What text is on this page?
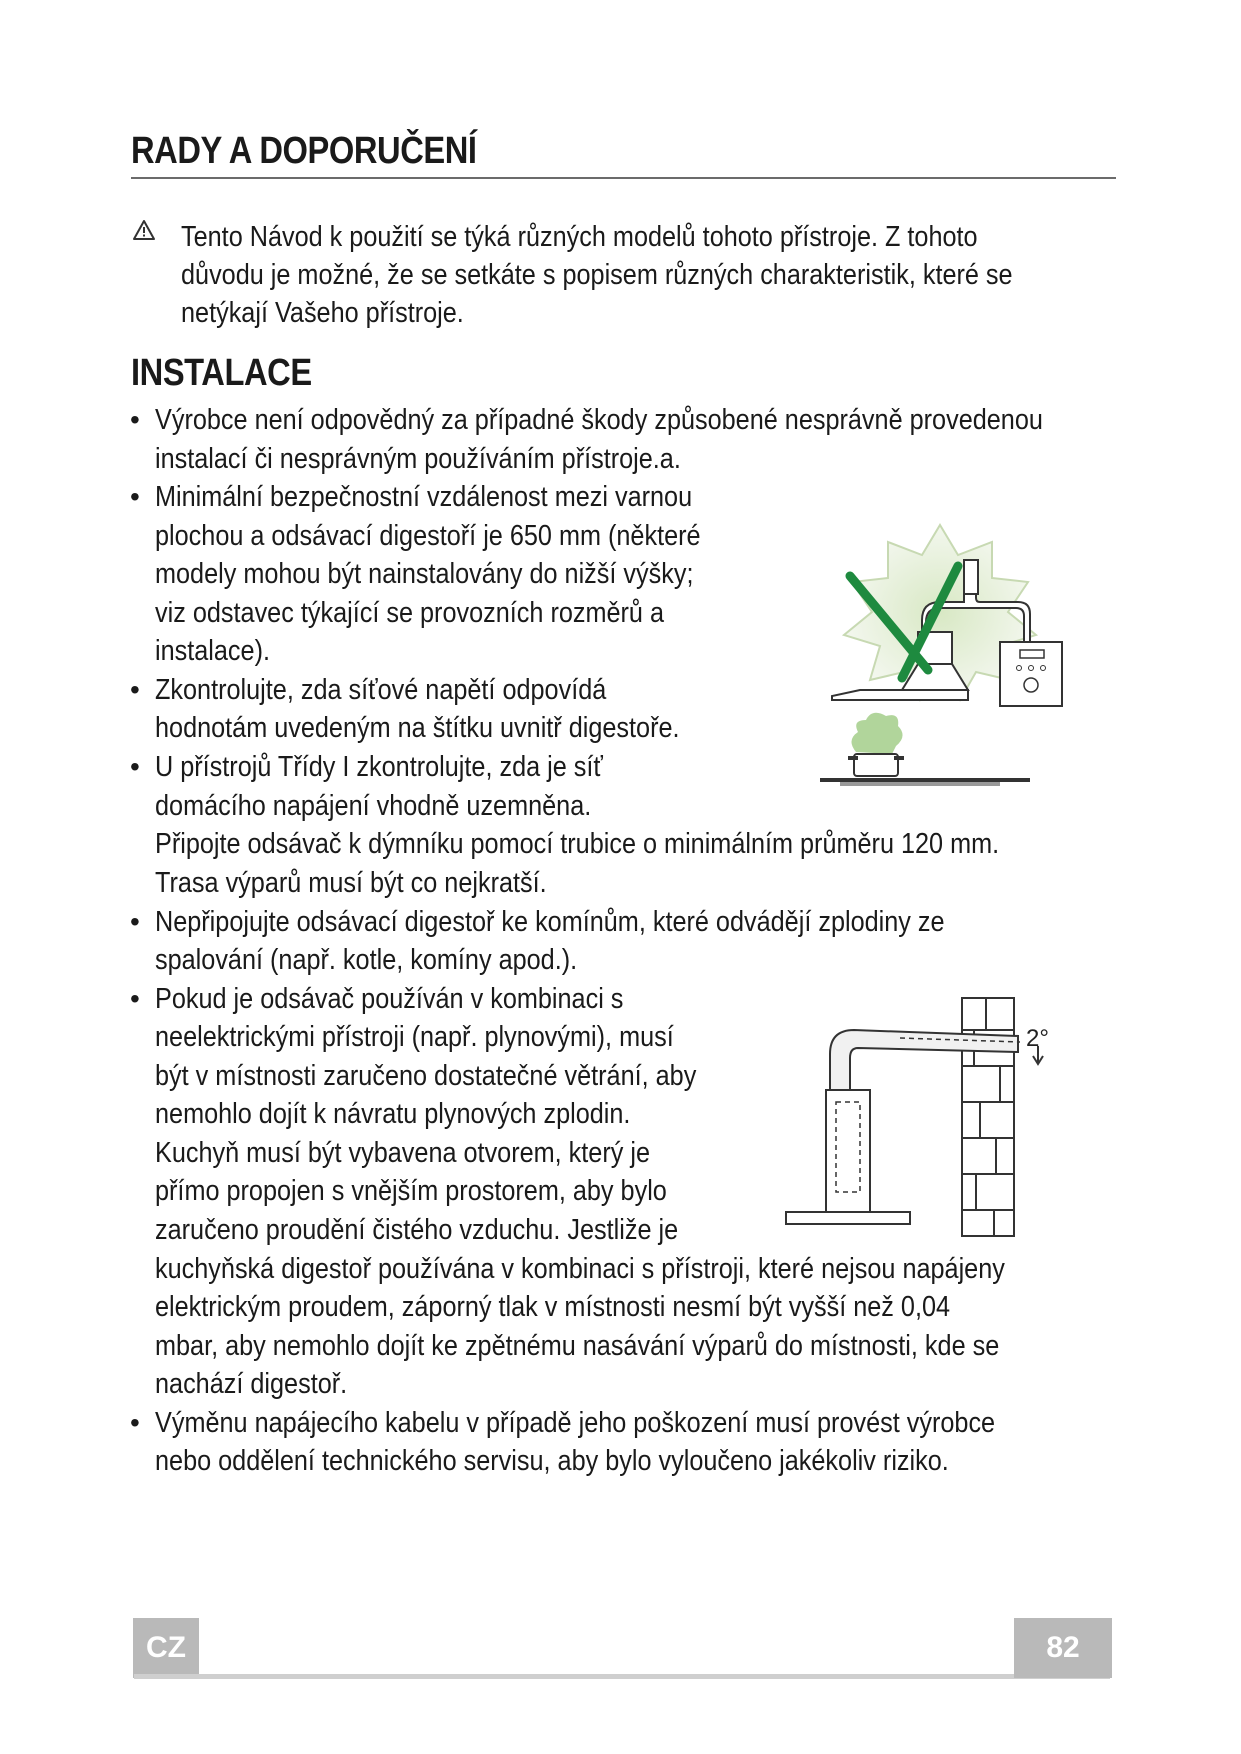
RADY A DOPORUČENÍ
Tento Návod k použití se týká různých modelů tohoto přístroje. Z tohoto
důvodu je možné, že se setkáte s popisem různých charakteristik, které se
netýkají Vašeho přístroje.
INSTALACE
•
•
•
•
•
•
•
Výrobce není odpovědný za případné škody způsobené nesprávně provedenou
instalací či nesprávným používáním přístroje.a.
Minimální bezpečnostní vzdálenost mezi varnou
plochou a odsávací digestoří je 650 mm (některé
modely mohou být nainstalovány do nižší výšky;
viz odstavec týkající se provozních rozměrů a
instalace).
Zkontrolujte, zda síťové napětí odpovídá
hodnotám uvedeným na štítku uvnitř digestoře.
U přístrojů Třídy I zkontrolujte, zda je síť
domácího napájení vhodně uzemněna.
Připojte odsávač k dýmníku pomocí trubice o minimálním průměru 120 mm.
Trasa výparů musí být co nejkratší.
Nepřipojujte odsávací digestoř ke komínům, které odvádějí zplodiny ze
spalování (např. kotle, komíny apod.).
Pokud je odsávač používán v kombinaci s
neelektrickými přístroji (např. plynovými), musí
být v místnosti zaručeno dostatečné větrání, aby
nemohlo dojít k návratu plynových zplodin.
Kuchyň musí být vybavena otvorem, který je
přímo propojen s vnějším prostorem, aby bylo
zaručeno proudění čistého vzduchu. Jestliže je
kuchyňská digestoř používána v kombinaci s přístroji, které nejsou napájeny
elektrickým proudem, záporný tlak v místnosti nesmí být vyšší než 0,04
mbar, aby nemohlo dojít ke zpětnému nasávání výparů do místnosti, kde se
nachází digestoř.
Výměnu napájecího kabelu v případě jeho poškození musí provést výrobce
nebo oddělení technického servisu, aby bylo vyloučeno jakékoliv riziko.
2°
CZ	82
